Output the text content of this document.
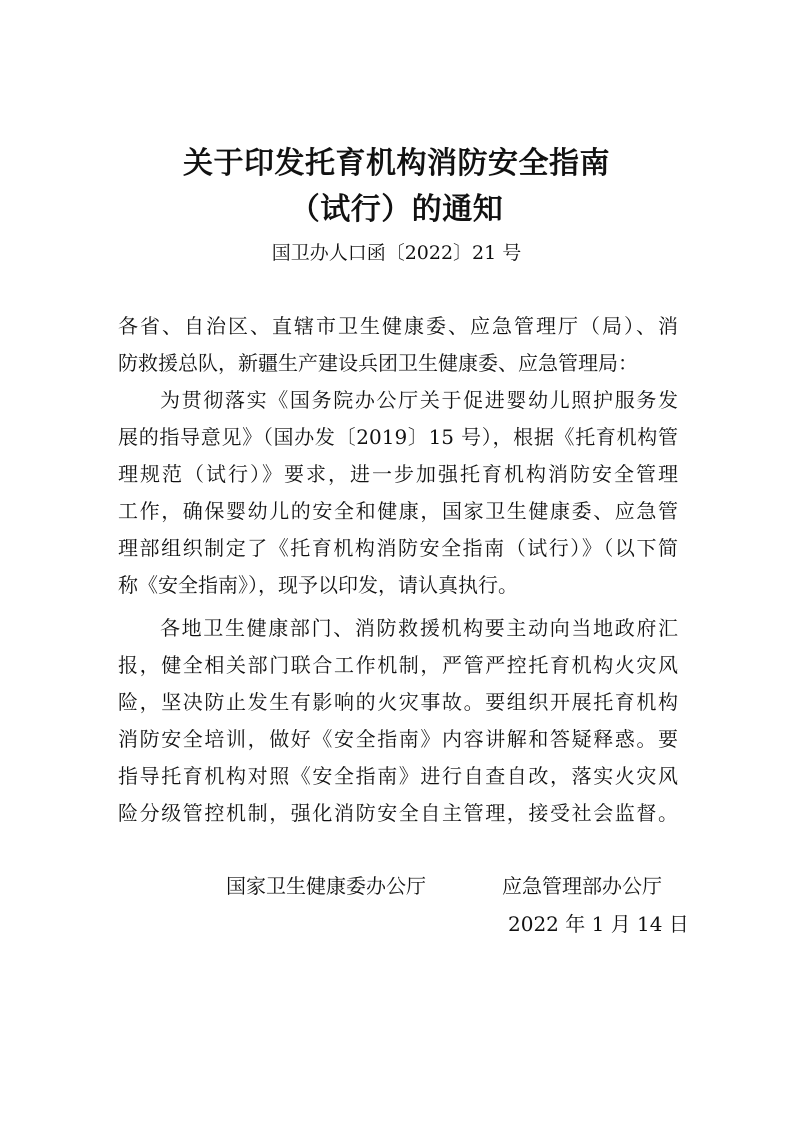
关于印发托育机构消防安全指南
（试行）的通知
国卫办人口函〔2022〕21 号
各省、自治区、直辖市卫生健康委、应急管理厅（局）、消
防救援总队，新疆生产建设兵团卫生健康委、应急管理局：
为贯彻落实《国务院办公厅关于促进婴幼儿照护服务发
展的指导意见》（国办发〔2019〕15 号），根据《托育机构管
理规范（试行）》要求，进一步加强托育机构消防安全管理
工作，确保婴幼儿的安全和健康，国家卫生健康委、应急管
理部组织制定了《托育机构消防安全指南（试行）》（以下简
称《安全指南》），现予以印发，请认真执行。
各地卫生健康部门、消防救援机构要主动向当地政府汇
报，健全相关部门联合工作机制，严管严控托育机构火灾风
险，坚决防止发生有影响的火灾事故。要组织开展托育机构
消防安全培训，做好《安全指南》内容讲解和答疑释惑。要
指导托育机构对照《安全指南》进行自查自改，落实火灾风
险分级管控机制，强化消防安全自主管理，接受社会监督。
国家卫生健康委办公厅	应急管理部办公厅
2022 年 1 月 14 日
